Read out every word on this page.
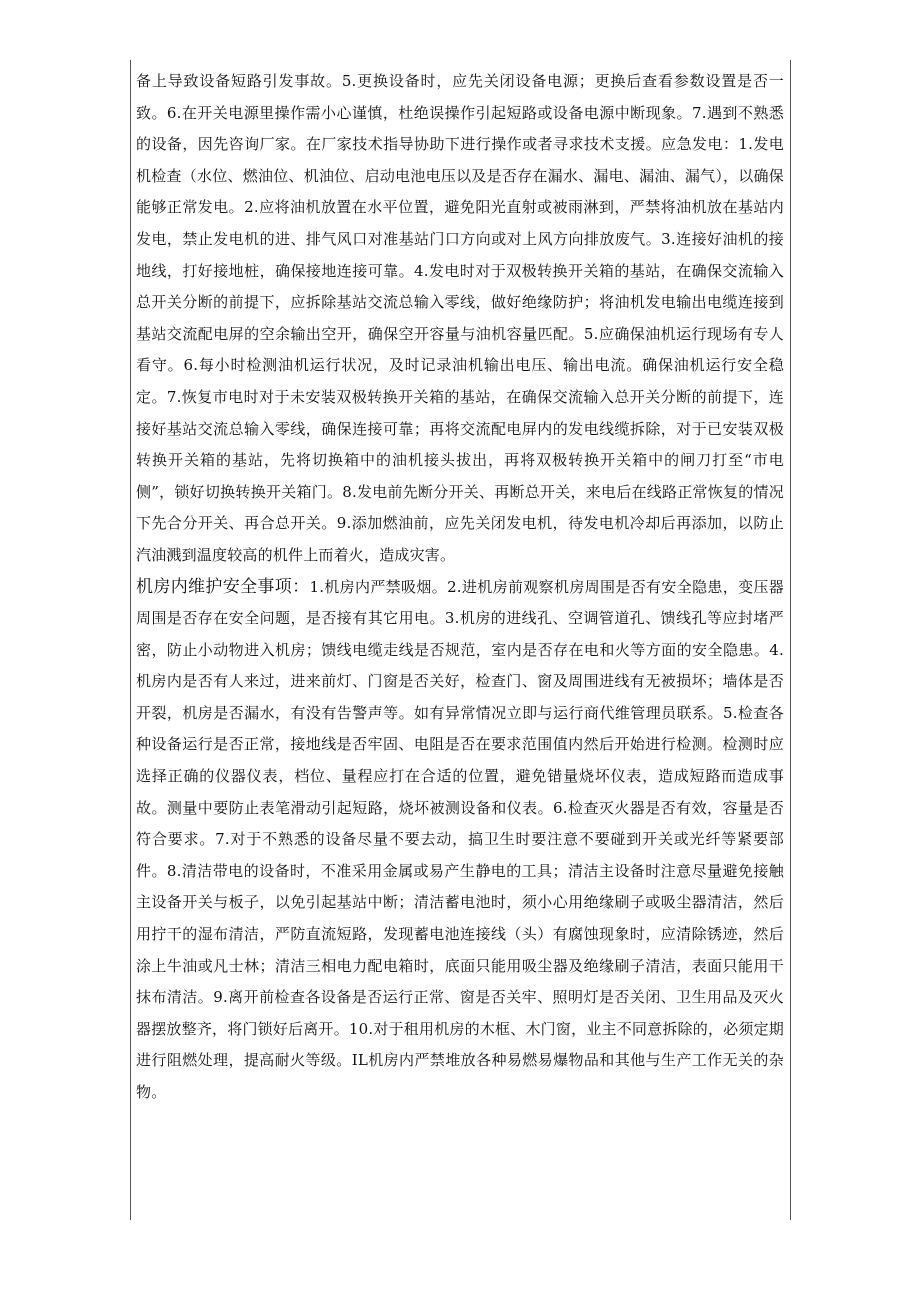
备上导致设备短路引发事故。5.更换设备时，应先关闭设备电源；更换后查看参数设置是否一致。6.在开关电源里操作需小心谨慎，杜绝误操作引起短路或设备电源中断现象。7.遇到不熟悉的设备，因先咨询厂家。在厂家技术指导协助下进行操作或者寻求技术支援。应急发电：1.发电机检查（水位、燃油位、机油位、启动电池电压以及是否存在漏水、漏电、漏油、漏气），以确保能够正常发电。2.应将油机放置在水平位置，避免阳光直射或被雨淋到，严禁将油机放在基站内发电，禁止发电机的进、排气风口对准基站门口方向或对上风方向排放废气。3.连接好油机的接地线，打好接地桩，确保接地连接可靠。4.发电时对于双极转换开关箱的基站，在确保交流输入总开关分断的前提下，应拆除基站交流总输入零线，做好绝缘防护；将油机发电输出电缆连接到基站交流配电屏的空余输出空开，确保空开容量与油机容量匹配。5.应确保油机运行现场有专人看守。6.每小时检测油机运行状况，及时记录油机输出电压、输出电流。确保油机运行安全稳定。7.恢复市电时对于未安装双极转换开关箱的基站，在确保交流输入总开关分断的前提下，连接好基站交流总输入零线，确保连接可靠；再将交流配电屏内的发电线缆拆除，对于已安装双极转换开关箱的基站，先将切换箱中的油机接头拔出，再将双极转换开关箱中的闸刀打至“市电侧”，锁好切换转换开关箱门。8.发电前先断分开关、再断总开关，来电后在线路正常恢复的情况下先合分开关、再合总开关。9.添加燃油前，应先关闭发电机，待发电机冷却后再添加，以防止汽油溅到温度较高的机件上而着火，造成灾害。

机房内维护安全事项：1.机房内严禁吸烟。2.进机房前观察机房周围是否有安全隐患，变压器周围是否存在安全问题，是否接有其它用电。3.机房的进线孔、空调管道孔、馈线孔等应封堵严密，防止小动物进入机房；馈线电缆走线是否规范，室内是否存在电和火等方面的安全隐患。4.机房内是否有人来过，进来前灯、门窗是否关好，检查门、窗及周围进线有无被损坏；墙体是否开裂，机房是否漏水，有没有告警声等。如有异常情况立即与运行商代维管理员联系。5.检查各种设备运行是否正常，接地线是否牢固、电阻是否在要求范围值内然后开始进行检测。检测时应选择正确的仪器仪表，档位、量程应打在合适的位置，避免错量烧坏仪表，造成短路而造成事故。测量中要防止表笔滑动引起短路，烧坏被测设备和仪表。6.检查灭火器是否有效，容量是否符合要求。7.对于不熟悉的设备尽量不要去动，搞卫生时要注意不要碰到开关或光纤等紧要部件。8.清洁带电的设备时，不准采用金属或易产生静电的工具；清洁主设备时注意尽量避免接触主设备开关与板子，以免引起基站中断；清洁蓄电池时，须小心用绝缘刷子或吸尘器清洁，然后用拧干的湿布清洁，严防直流短路，发现蓄电池连接线（头）有腐蚀现象时，应清除锈迹，然后涂上牛油或凡士林；清洁三相电力配电箱时，底面只能用吸尘器及绝缘刷子清洁，表面只能用干抹布清洁。9.离开前检查各设备是否运行正常、窗是否关牢、照明灯是否关闭、卫生用品及灭火器摆放整齐，将门锁好后离开。10.对于租用机房的木框、木门窗，业主不同意拆除的，必须定期进行阻燃处理，提高耐火等级。IL机房内严禁堆放各种易燃易爆物品和其他与生产工作无关的杂物。
